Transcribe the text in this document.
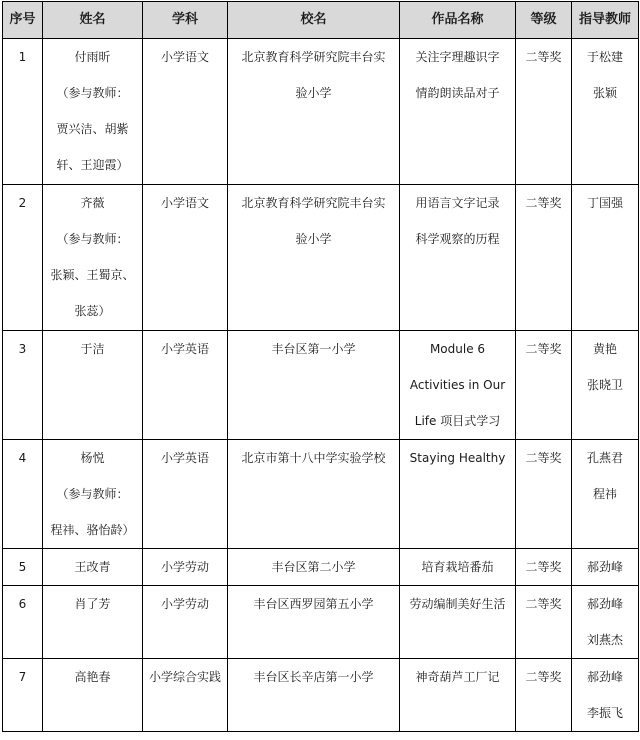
序号	姓名	学科	校名	作品名称	等级	指导教师
1	付雨昕
（参与教师：
贾兴洁、胡紫
轩、王迎霞）	小学语文	北京教育科学研究院丰台实
验小学	关注字理趣识字
情韵朗读品对子	二等奖	于松建
张颖

2	齐薇
（参与教师：
张颖、王蜀京、
张蕊）	小学语文	北京教育科学研究院丰台实
验小学	用语言文字记录
科学观察的历程	二等奖	丁国强

3	于洁	小学英语	丰台区第一小学	Module 6
Activities in Our
Life 项目式学习	二等奖	黄艳
张晓卫

4	杨悦
（参与教师：
程祎、骆怡龄）	小学英语	北京市第十八中学实验学校	Staying Healthy	二等奖	孔燕君
程祎

5	王改青	小学劳动	丰台区第二小学	培育栽培番茄	二等奖	郝劲峰

6	肖了芳	小学劳动	丰台区西罗园第五小学	劳动编制美好生活	二等奖	郝劲峰
刘燕杰

7	高艳春	小学综合实践	丰台区长辛店第一小学	神奇葫芦工厂记	二等奖	郝劲峰
李振飞
